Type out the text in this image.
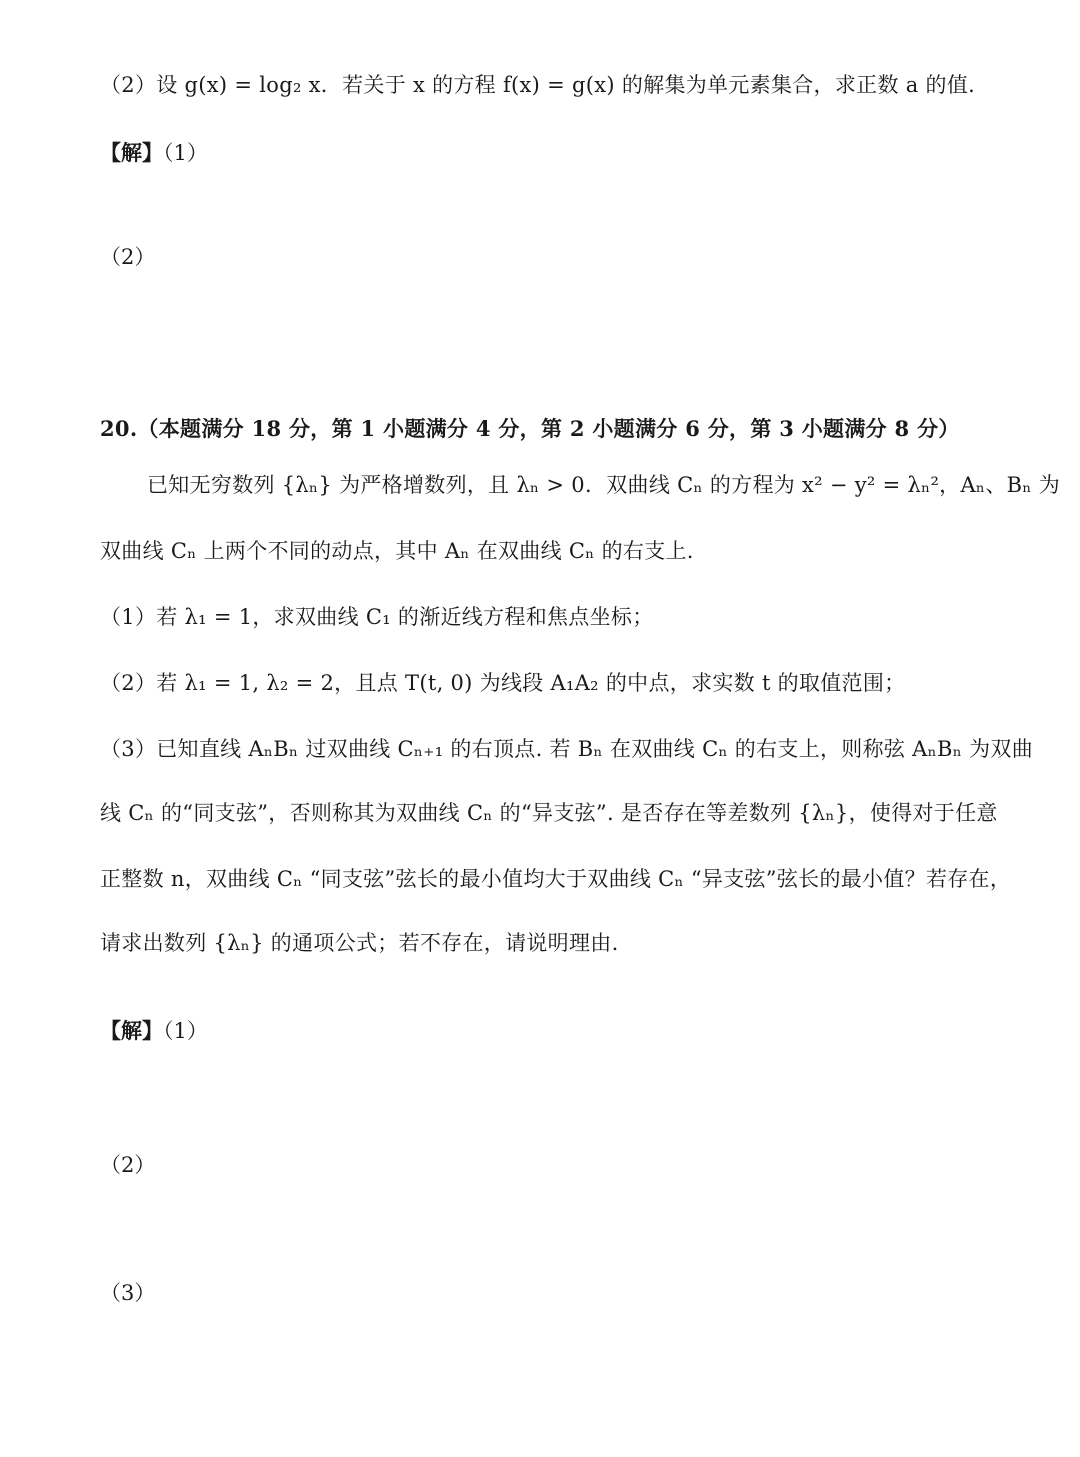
（2）设 g(x) = log₂ x．若关于 x 的方程 f(x) = g(x) 的解集为单元素集合，求正数 a 的值.
【解】（1）
（2）
20.（本题满分 18 分，第 1 小题满分 4 分，第 2 小题满分 6 分，第 3 小题满分 8 分）
已知无穷数列 {λₙ} 为严格增数列，且 λₙ > 0．双曲线 Cₙ 的方程为 x² − y² = λₙ²，Aₙ、Bₙ 为
双曲线 Cₙ 上两个不同的动点，其中 Aₙ 在双曲线 Cₙ 的右支上.
（1）若 λ₁ = 1，求双曲线 C₁ 的渐近线方程和焦点坐标；
（2）若 λ₁ = 1, λ₂ = 2，且点 T(t, 0) 为线段 A₁A₂ 的中点，求实数 t 的取值范围；
（3）已知直线 AₙBₙ 过双曲线 Cₙ₊₁ 的右顶点. 若 Bₙ 在双曲线 Cₙ 的右支上，则称弦 AₙBₙ 为双曲
线 Cₙ 的“同支弦”，否则称其为双曲线 Cₙ 的“异支弦”. 是否存在等差数列 {λₙ}，使得对于任意
正整数 n，双曲线 Cₙ “同支弦”弦长的最小值均大于双曲线 Cₙ “异支弦”弦长的最小值？若存在，
请求出数列 {λₙ} 的通项公式；若不存在，请说明理由.
【解】（1）
（2）
（3）
